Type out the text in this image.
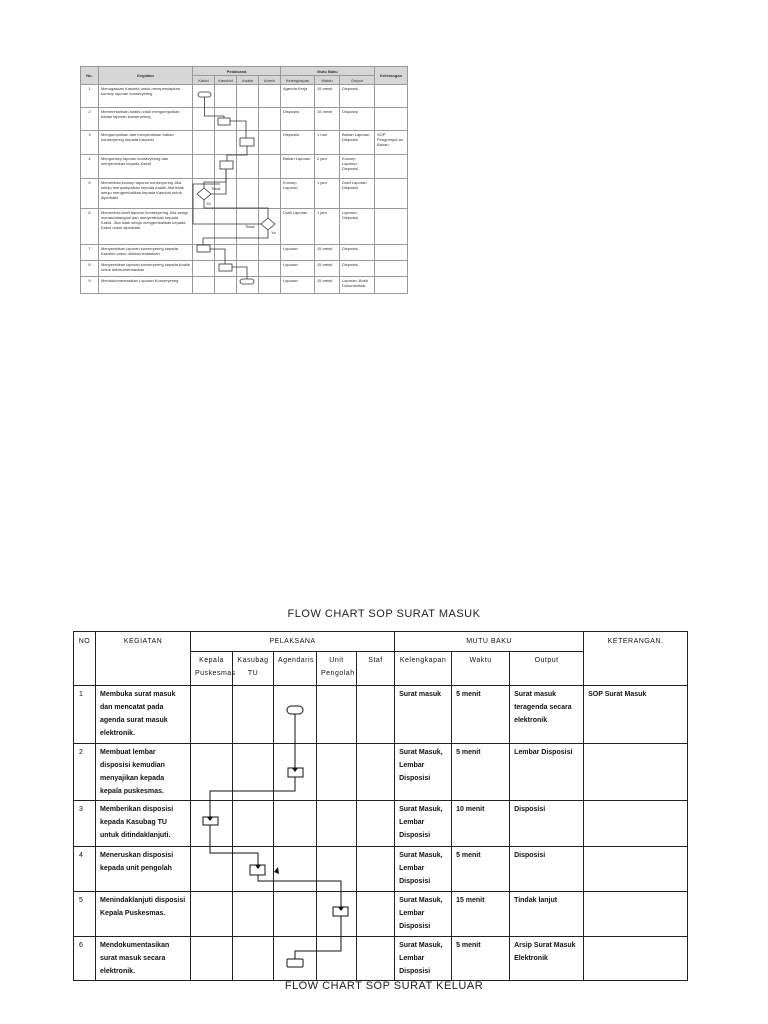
No.	Kegiatan	Pelaksana				Mutu Baku			Keterangan
		Kabid	Kasubid	Analis	Admin	Kelengkapan	Waktu	Output	
1	Menugaskan Kasubid untuk mempersiapkan konsep laporan konseryering					Agenda Kerja	15 menit	Disposisi	
2	Memerintahkan analis untuk mengumpulkan bahan laporan konseryering					Disposisi	15 menit	Disposisi	
3	Mengumpulkan dan menyerahkan bahan konseryering kepada Kasubid					Disposisi	1 hari	Bahan Laporan, Disposisi	SOP Pengumpul-an Bahan
4	Mengonsep laporan konseryering dan menyerahkan kepada Kabid					Bahan Laporan	2 jam	Konsep Laporan, Disposisi	
5	Memeriksa konsep laporan konseryering Jika setuju menyampaikan kepada Analis Jika tidak setuju mengembalikan kepada Kasubid untuk diperbaiki					Konsep Laporan	1 jam	Draft Laporan, Disposisi	
6	Memeriksa draft laporan konseryering Jika setuju menandatangani dan menyerahkan kepada Kabid. Jika tidak setuju mengembalikan kepada Kabid untuk diperbaiki					Draft Laporan	1 jam	Laporan, Disposisi	
7	Menyerahkan laporan konseryering kepada Kasubid untuk didokumentasikan					Laporan	15 menit	Disposisi	
8	Menyerahkan laporan konseryering kepada Analis untuk didokumentasikan					Laporan	15 menit	Disposisi	
9	Mendokumentasikan Laporan Konseryering					Laporan	15 menit	Laporan, Bukti Dokumentasi	
Tidak
Ya
Tidak
Ya
FLOW CHART SOP SURAT MASUK
NO	KEGIATAN	PELAKSANA					MUTU BAKU			KETERANGAN.
		Kepala Puskesmas	Kasubag TU	Agendaris	Unit Pengolah	Staf	Kelengkapan	Waktu	Output	
1	Membuka surat masuk dan mencatat pada agenda surat masuk elektronik.						Surat masuk	5 menit	Surat masuk teragenda secara elektronik	SOP Surat Masuk
2	Membuat lembar disposisi kemudian menyajikan kepada kepala puskesmas.						Surat Masuk, Lembar Disposisi	5 menit	Lembar Disposisi	
3	Memberikan disposisi kepada Kasubag TU untuk ditindaklanjuti.						Surat Masuk, Lembar Disposisi	10 menit	Disposisi	
4	Meneruskan disposisi kepada unit pengolah						Surat Masuk, Lembar Disposisi	5 menit	Disposisi	
5	Menindaklanjuti disposisi Kepala Puskesmas.						Surat Masuk, Lembar Disposisi	15 menit	Tindak lanjut	
6	Mendokumentasikan surat masuk secara elektronik.						Surat Masuk, Lembar Disposisi	5 menit	Arsip Surat Masuk Elektronik	
FLOW CHART SOP SURAT KELUAR
